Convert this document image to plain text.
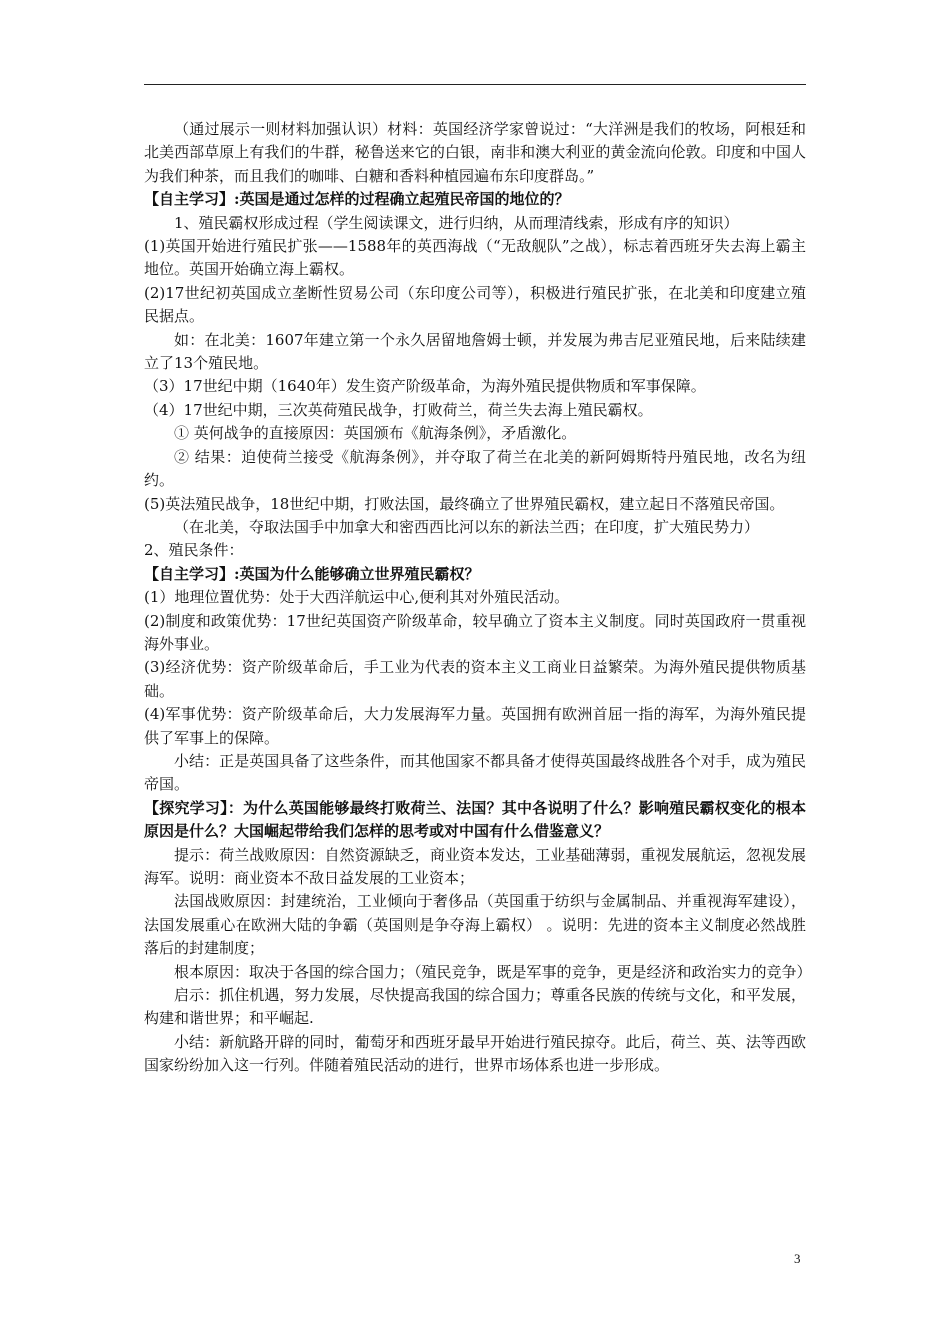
（通过展示一则材料加强认识）材料：英国经济学家曾说过：“大洋洲是我们的牧场，阿根廷和北美西部草原上有我们的牛群，秘鲁送来它的白银，南非和澳大利亚的黄金流向伦敦。印度和中国人为我们种茶，而且我们的咖啡、白糖和香料种植园遍布东印度群岛。”

【自主学习】:英国是通过怎样的过程确立起殖民帝国的地位的？

1、殖民霸权形成过程（学生阅读课文，进行归纳，从而理清线索，形成有序的知识）

(1)英国开始进行殖民扩张——1588年的英西海战（“无敌舰队”之战），标志着西班牙失去海上霸主地位。英国开始确立海上霸权。

(2)17世纪初英国成立垄断性贸易公司（东印度公司等），积极进行殖民扩张，在北美和印度建立殖民据点。

如：在北美：1607年建立第一个永久居留地詹姆士顿，并发展为弗吉尼亚殖民地，后来陆续建立了13个殖民地。

（3）17世纪中期（1640年）发生资产阶级革命，为海外殖民提供物质和军事保障。

（4）17世纪中期，三次英荷殖民战争，打败荷兰，荷兰失去海上殖民霸权。

① 英何战争的直接原因：英国颁布《航海条例》，矛盾激化。

② 结果：迫使荷兰接受《航海条例》，并夺取了荷兰在北美的新阿姆斯特丹殖民地，改名为纽约。

(5)英法殖民战争，18世纪中期，打败法国，最终确立了世界殖民霸权，建立起日不落殖民帝国。

（在北美，夺取法国手中加拿大和密西西比河以东的新法兰西；在印度，扩大殖民势力）

2、殖民条件：

【自主学习】:英国为什么能够确立世界殖民霸权？

(1）地理位置优势：处于大西洋航运中心,便利其对外殖民活动。

(2)制度和政策优势：17世纪英国资产阶级革命，较早确立了资本主义制度。同时英国政府一贯重视海外事业。

(3)经济优势：资产阶级革命后，手工业为代表的资本主义工商业日益繁荣。为海外殖民提供物质基础。

(4)军事优势：资产阶级革命后，大力发展海军力量。英国拥有欧洲首屈一指的海军，为海外殖民提供了军事上的保障。

小结：正是英国具备了这些条件，而其他国家不都具备才使得英国最终战胜各个对手，成为殖民帝国。

【探究学习】：为什么英国能够最终打败荷兰、法国？其中各说明了什么？影响殖民霸权变化的根本原因是什么？大国崛起带给我们怎样的思考或对中国有什么借鉴意义？

提示：荷兰战败原因：自然资源缺乏，商业资本发达，工业基础薄弱，重视发展航运，忽视发展海军。说明：商业资本不敌日益发展的工业资本；

法国战败原因：封建统治，工业倾向于奢侈品（英国重于纺织与金属制品、并重视海军建设），法国发展重心在欧洲大陆的争霸（英国则是争夺海上霸权） 。说明：先进的资本主义制度必然战胜落后的封建制度；

根本原因：取决于各国的综合国力；（殖民竞争，既是军事的竞争，更是经济和政治实力的竞争）

启示：抓住机遇，努力发展，尽快提高我国的综合国力；尊重各民族的传统与文化，和平发展，构建和谐世界；和平崛起.

小结：新航路开辟的同时，葡萄牙和西班牙最早开始进行殖民掠夺。此后，荷兰、英、法等西欧国家纷纷加入这一行列。伴随着殖民活动的进行，世界市场体系也进一步形成。

3
